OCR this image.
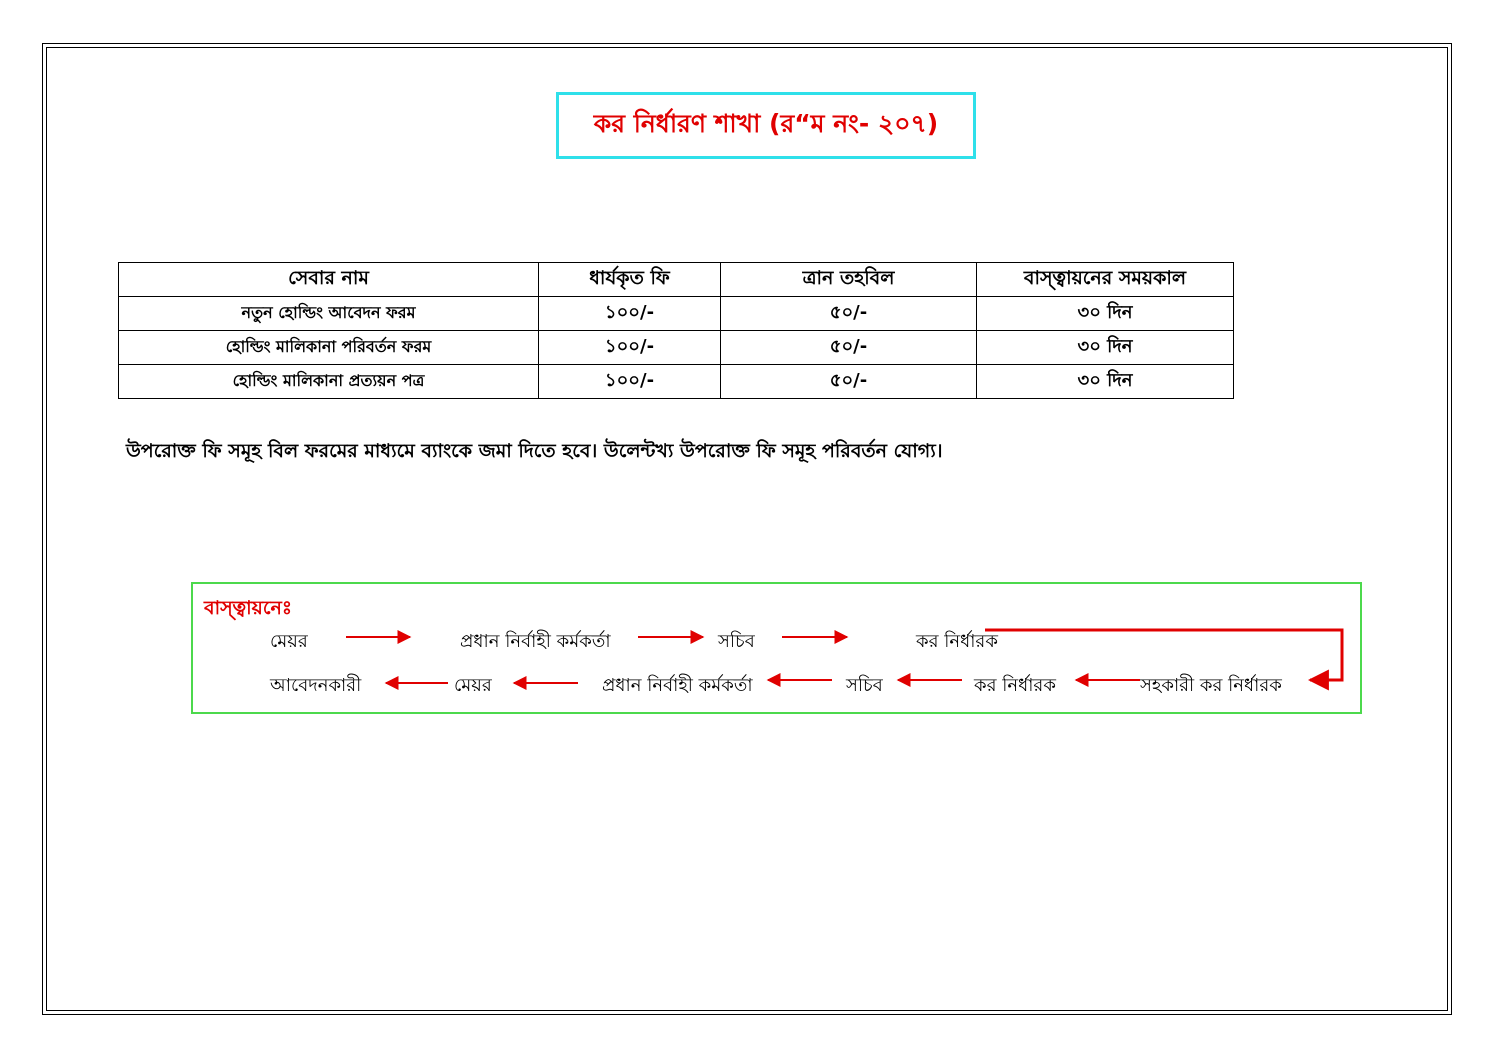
কর নির্ধারণ শাখা (র“ম নং- ২০৭)
সেবার নাম	ধার্যকৃত ফি	ত্রান তহবিল	বাস্ত্বায়নের সময়কাল
নতুন হোল্ডিং আবেদন ফরম	১০০/-	৫০/-	৩০ দিন
হোল্ডিং মালিকানা পরিবর্তন ফরম	১০০/-	৫০/-	৩০ দিন
হোল্ডিং মালিকানা প্রত্যয়ন পত্র	১০০/-	৫০/-	৩০ দিন
উপরোক্ত ফি সমূহ বিল ফরমের মাধ্যমে ব্যাংকে জমা দিতে হবে। উলেন্টখ্য উপরোক্ত ফি সমূহ পরিবর্তন যোগ্য।
বাস্ত্বায়নেঃ
মেয়র	প্রধান নির্বাহী কর্মকর্তা	সচিব	কর নির্ধারক
সহকারী কর নির্ধারক
কর নির্ধারক
সচিব
প্রধান নির্বাহী কর্মকর্তা
মেয়র
আবেদনকারী
